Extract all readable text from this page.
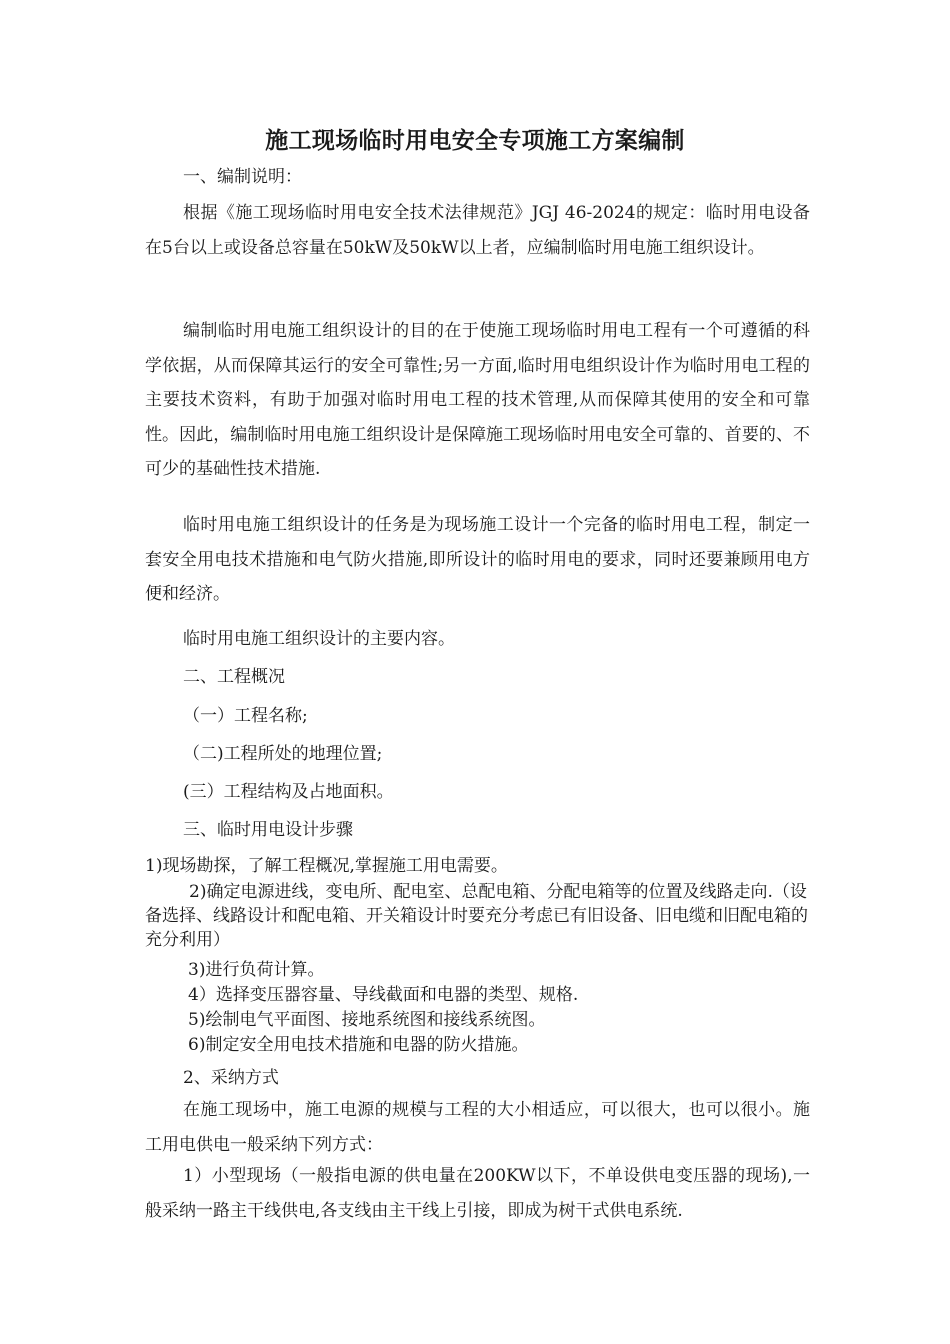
施工现场临时用电安全专项施工方案编制
一、编制说明：
根据《施工现场临时用电安全技术法律规范》JGJ 46-2024的规定：临时用电设备在5台以上或设备总容量在50kW及50kW以上者，应编制临时用电施工组织设计。
编制临时用电施工组织设计的目的在于使施工现场临时用电工程有一个可遵循的科学依据，从而保障其运行的安全可靠性;另一方面,临时用电组织设计作为临时用电工程的主要技术资料，有助于加强对临时用电工程的技术管理,从而保障其使用的安全和可靠性。因此，编制临时用电施工组织设计是保障施工现场临时用电安全可靠的、首要的、不可少的基础性技术措施.
临时用电施工组织设计的任务是为现场施工设计一个完备的临时用电工程，制定一套安全用电技术措施和电气防火措施,即所设计的临时用电的要求，同时还要兼顾用电方便和经济。
临时用电施工组织设计的主要内容。
二、工程概况
（一）工程名称;
（二)工程所处的地理位置;
(三）工程结构及占地面积。
三、临时用电设计步骤
1)现场勘探，了解工程概况,掌握施工用电需要。
2)确定电源进线，变电所、配电室、总配电箱、分配电箱等的位置及线路走向.（设备选择、线路设计和配电箱、开关箱设计时要充分考虑已有旧设备、旧电缆和旧配电箱的充分利用）
3)进行负荷计算。
4）选择变压器容量、导线截面和电器的类型、规格.
5)绘制电气平面图、接地系统图和接线系统图。
6)制定安全用电技术措施和电器的防火措施。
2、采纳方式
在施工现场中，施工电源的规模与工程的大小相适应，可以很大，也可以很小。施工用电供电一般采纳下列方式：
1）小型现场（一般指电源的供电量在200KW以下，不单设供电变压器的现场),一般采纳一路主干线供电,各支线由主干线上引接，即成为树干式供电系统.
